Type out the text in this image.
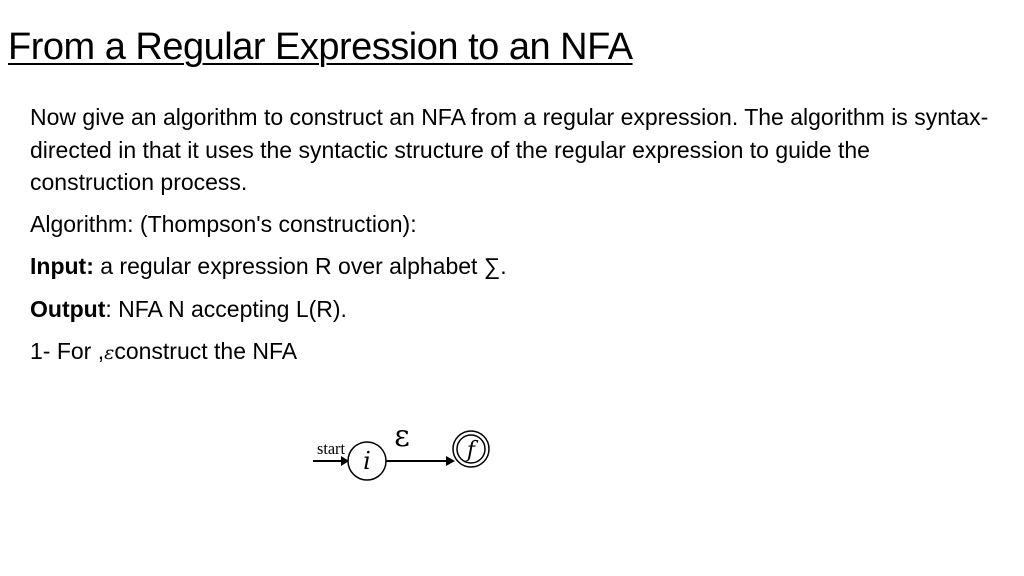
From a Regular Expression to an NFA

Now give an algorithm to construct an NFA from a regular expression. The algorithm is syntax-directed in that it uses the syntactic structure of the regular expression to guide the construction process.

Algorithm: (Thompson's construction):

Input: a regular expression R over alphabet ∑.

Output: NFA N accepting L(R).

1- For ,εconstruct the NFA

start i
ε	f
